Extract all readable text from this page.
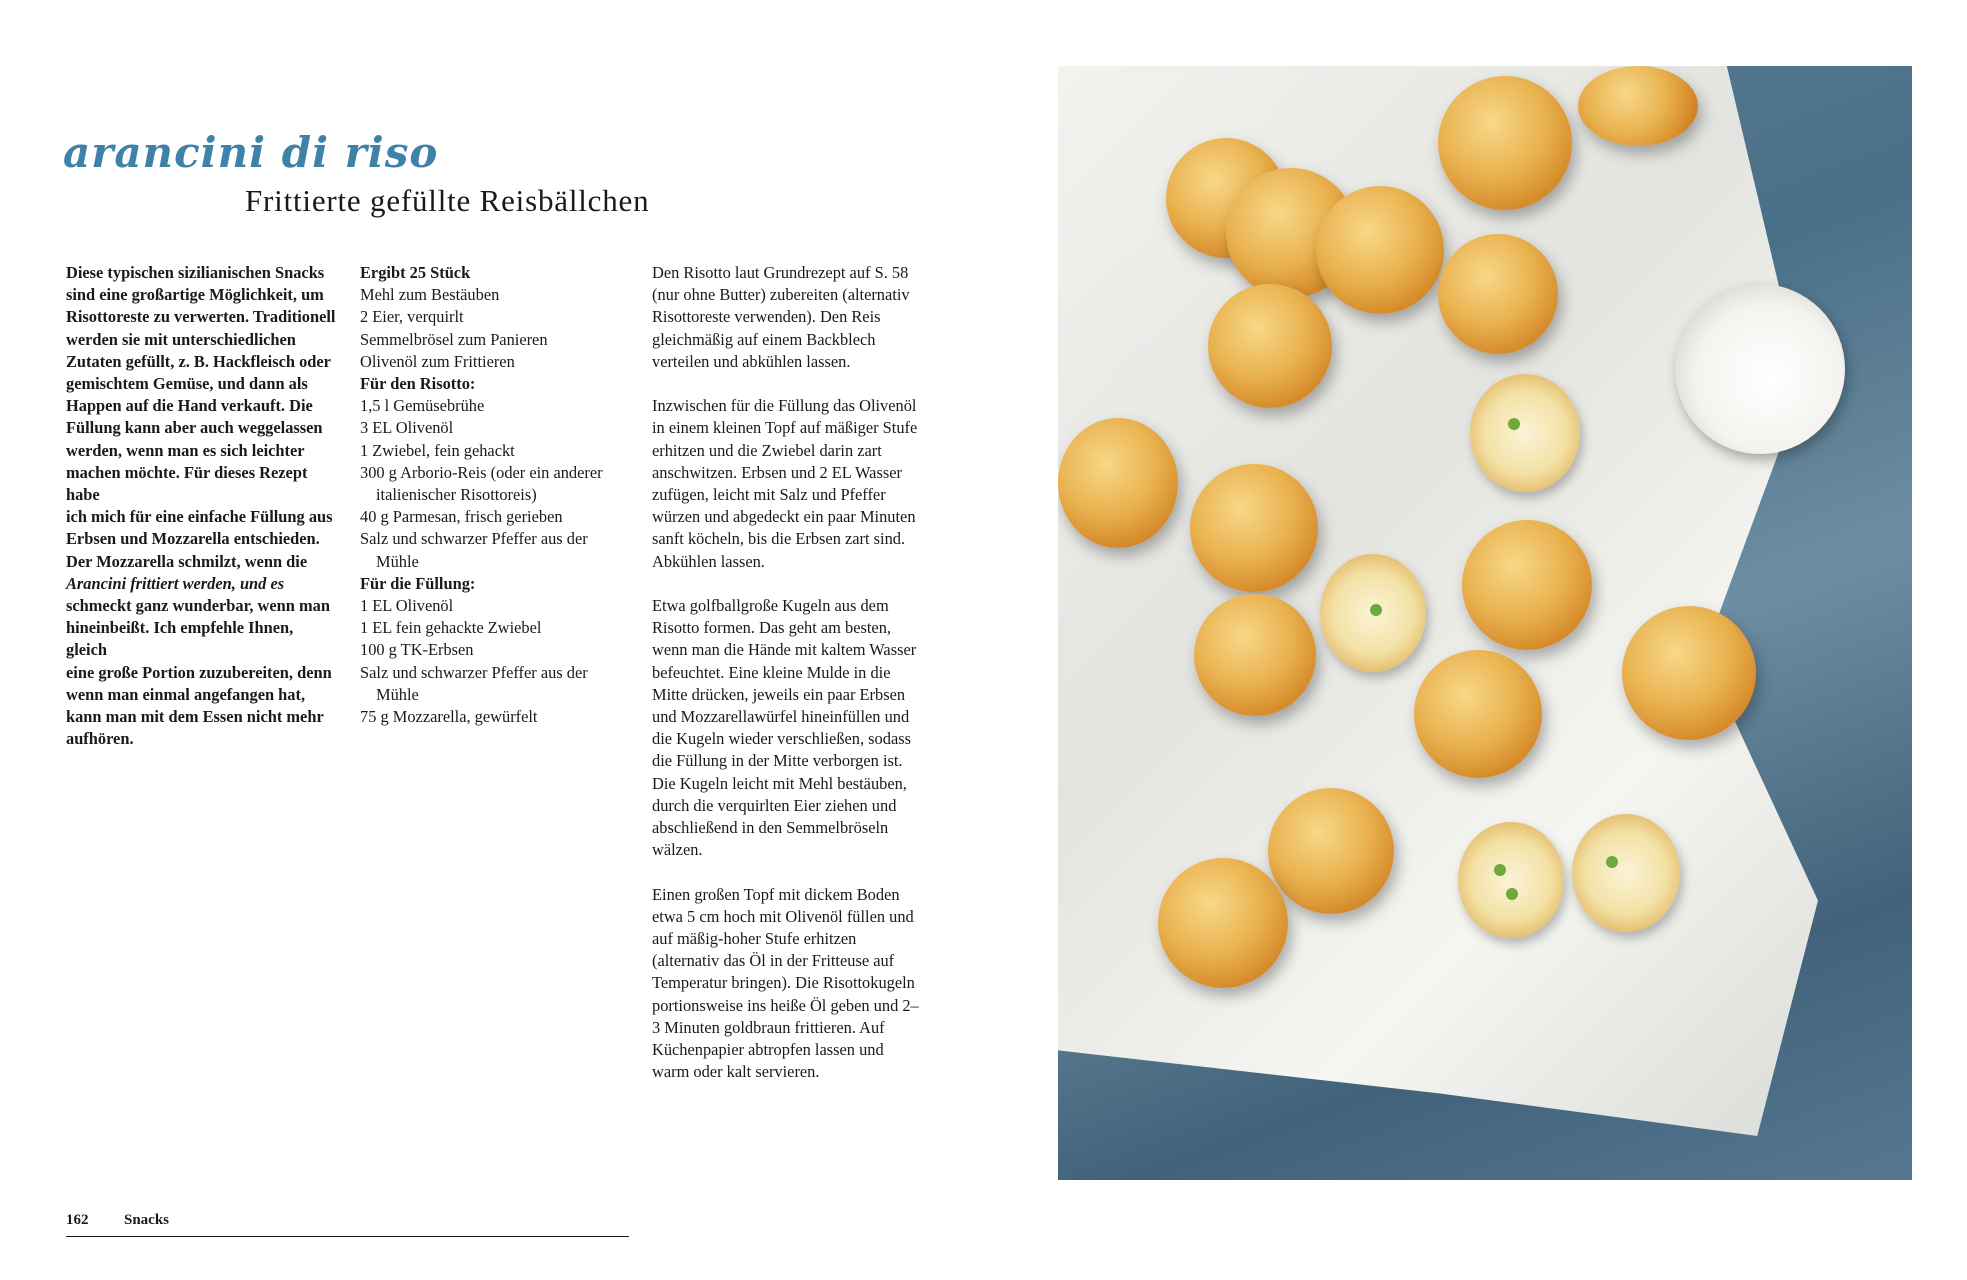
arancini di riso
Frittierte gefüllte Reisbällchen
Diese typischen sizilianischen Snacks
sind eine großartige Möglichkeit, um
Risottoreste zu verwerten. Traditionell
werden sie mit unterschiedlichen
Zutaten gefüllt, z. B. Hackfleisch oder
gemischtem Gemüse, und dann als
Happen auf die Hand verkauft. Die
Füllung kann aber auch weggelassen
werden, wenn man es sich leichter
machen möchte. Für dieses Rezept habe
ich mich für eine einfache Füllung aus
Erbsen und Mozzarella entschieden.
Der Mozzarella schmilzt, wenn die
Arancini frittiert werden, und es
schmeckt ganz wunderbar, wenn man
hineinbeißt. Ich empfehle Ihnen, gleich
eine große Portion zuzubereiten, denn
wenn man einmal angefangen hat,
kann man mit dem Essen nicht mehr
aufhören.
Ergibt 25 Stück
Mehl zum Bestäuben
2 Eier, verquirlt
Semmelbrösel zum Panieren
Olivenöl zum Frittieren
Für den Risotto:
1,5 l Gemüsebrühe
3 EL Olivenöl
1 Zwiebel, fein gehackt
300 g Arborio-Reis (oder ein anderer
italienischer Risottoreis)
40 g Parmesan, frisch gerieben
Salz und schwarzer Pfeffer aus der
Mühle
Für die Füllung:
1 EL Olivenöl
1 EL fein gehackte Zwiebel
100 g TK-Erbsen
Salz und schwarzer Pfeffer aus der
Mühle
75 g Mozzarella, gewürfelt

Den Risotto laut Grundrezept auf S. 58 (nur ohne Butter) zubereiten (alternativ Risottoreste verwenden). Den Reis gleichmäßig auf einem Backblech verteilen und abkühlen lassen.

Inzwischen für die Füllung das Olivenöl in einem kleinen Topf auf mäßiger Stufe erhitzen und die Zwiebel darin zart anschwitzen. Erbsen und 2 EL Wasser zufügen, leicht mit Salz und Pfeffer würzen und abgedeckt ein paar Minuten sanft köcheln, bis die Erbsen zart sind. Abkühlen lassen.

Etwa golfballgroße Kugeln aus dem Risotto formen. Das geht am besten, wenn man die Hände mit kaltem Wasser befeuchtet. Eine kleine Mulde in die Mitte drücken, jeweils ein paar Erbsen und Mozzarellawürfel hineinfüllen und die Kugeln wieder verschließen, sodass die Füllung in der Mitte verborgen ist. Die Kugeln leicht mit Mehl bestäuben, durch die verquirlten Eier ziehen und abschließend in den Semmelbröseln wälzen.

Einen großen Topf mit dickem Boden etwa 5 cm hoch mit Olivenöl füllen und auf mäßig-hoher Stufe erhitzen (alternativ das Öl in der Fritteuse auf Temperatur bringen). Die Risottokugeln portionsweise ins heiße Öl geben und 2–3 Minuten goldbraun frittieren. Auf Küchenpapier abtropfen lassen und warm oder kalt servieren.

162 Snacks
